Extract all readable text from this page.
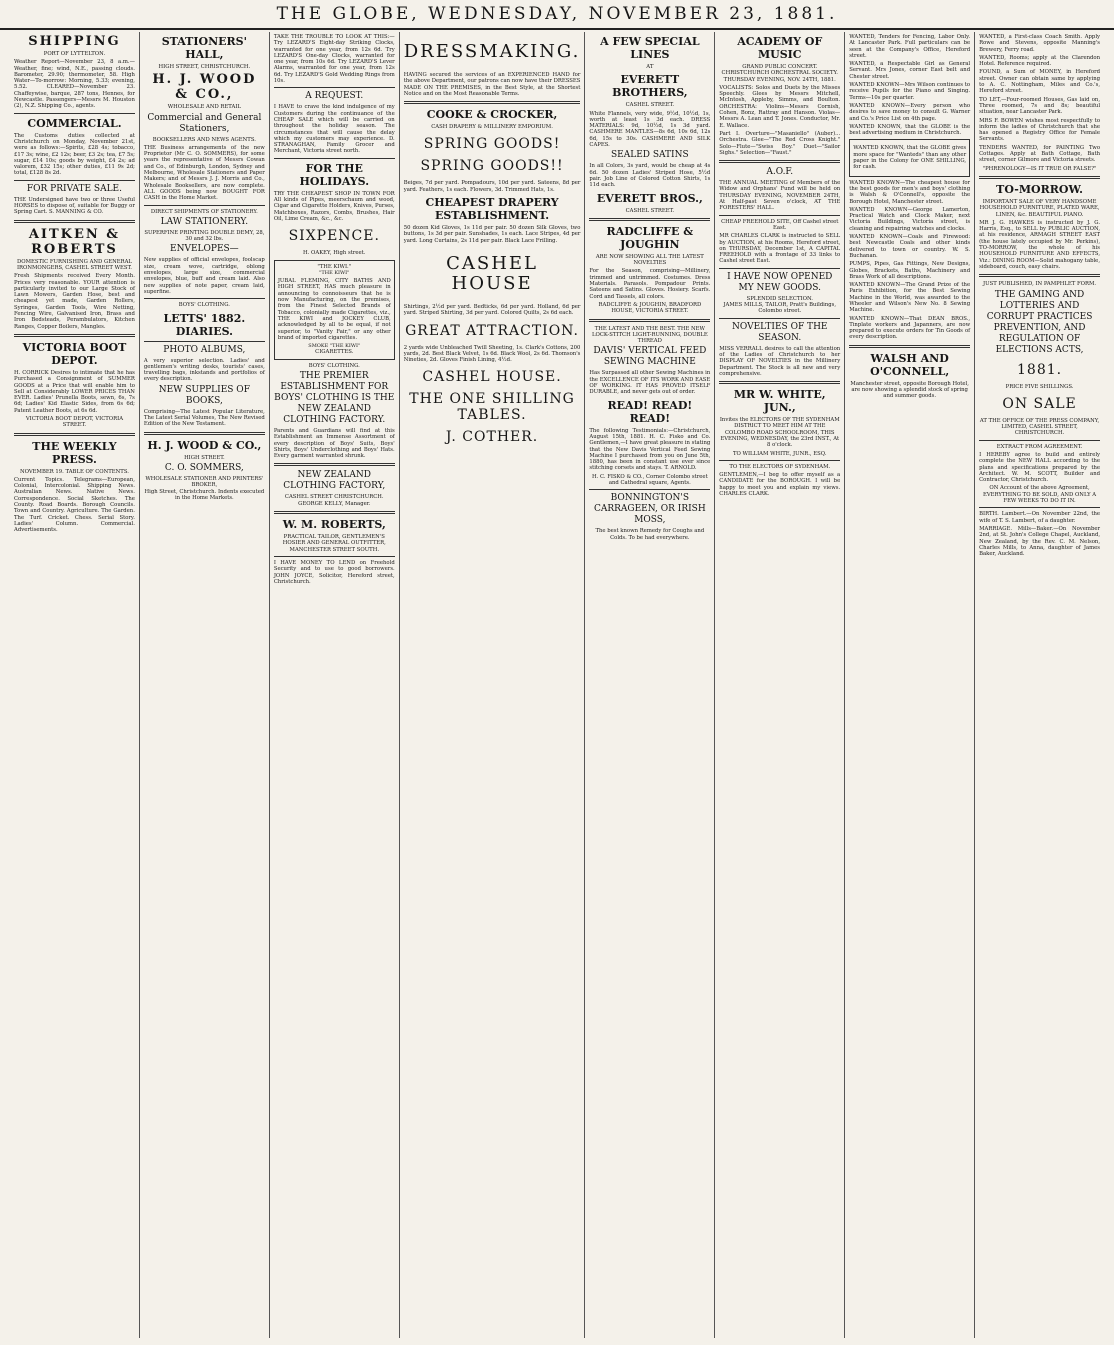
THE GLOBE, WEDNESDAY, NOVEMBER 23, 1881.
SHIPPING
PORT OF LYTTELTON.

Weather Report—November 23, 8 a.m.—Weather, fine; wind, N.E., passing clouds. Barometer, 29.90; thermometer, 58. High Water—To-morrow: Morning, 5.33; evening, 5.52. CLEARED—November 23. Chaffeywise, barque, 287 tons, Hennes, for Newcastle. Passengers—Messrs M. Houston (2), N.Z. Shipping Co., agents.

COMMERCIAL.

The Customs duties collected at Christchurch on Monday, November 21st, were as follows:—Spirits, £28 4s; tobacco, £17 3s; wine, £2 12s; beer, £3 2s; tea, £7 5s; sugar, £14 10s; goods by weight, £4 2s; ad valorem, £32 15s; other duties, £11 9s 2d; total, £128 8s 2d.

FOR PRIVATE SALE.

THE Undersigned have two or three Useful HORSES to dispose of, suitable for Buggy or Spring Cart. S. MANNING & CO.

AITKEN & ROBERTS
DOMESTIC FURNISHING AND GENERAL IRONMONGERS, CASHEL STREET WEST.

Fresh Shipments received Every Month. Prices very reasonable. YOUR attention is particularly invited to our Large Stock of Lawn Mowers, Garden Hose, best and cheapest yet made, Garden Rollers, Syringes, Garden Tools, Wire Netting, Fencing Wire, Galvanised Iron, Brass and Iron Bedsteads, Perambulators, Kitchen Ranges, Copper Boilers, Mangles.

VICTORIA BOOT DEPOT.

H. CORRICK Desires to intimate that he has Purchased a Consignment of SUMMER GOODS at a Price that will enable him to Sell at Considerably LOWER PRICES THAN EVER. Ladies' Prunella Boots, sewn, 6s, 7s 6d; Ladies' Kid Elastic Sides, from 6s 6d; Patent Leather Boots, at 6s 6d.

VICTORIA BOOT DEPOT, VICTORIA STREET.
THE WEEKLY PRESS.
NOVEMBER 19. TABLE OF CONTENTS.

Current Topics. Telegrams—European, Colonial, Intercolonial. Shipping News. Australian News. Native News. Correspondence. Social Sketches. The County. Road Boards. Borough Councils. Town and Country. Agriculture. The Garden. The Turf. Cricket. Chess. Serial Story. Ladies' Column. Commercial. Advertisements.

STATIONERS' HALL,
HIGH STREET, CHRISTCHURCH.
H. J. WOOD & CO.,
WHOLESALE AND RETAIL
Commercial and General Stationers,
BOOKSELLERS AND NEWS AGENTS.

THE Business arrangements of the new Proprietor (Mr C. O. SOMMERS), for some years the representative of Messrs Cowan and Co., of Edinburgh, London, Sydney and Melbourne, Wholesale Stationers and Paper Makers; and of Messrs J. J. Morris and Co., Wholesale Booksellers, are now complete. ALL GOODS being now BOUGHT FOR CASH in the Home Market.

DIRECT SHIPMENTS OF STATIONERY.
LAW STATIONERY.

SUPERFINE PRINTING DOUBLE DEMY, 28, 30 and 32 lbs.

ENVELOPES—

New supplies of official envelopes, foolscap size, cream wove, cartridge, oblong envelopes, large size, commercial envelopes, blue, buff and cream laid. Also new supplies of note paper, cream laid, superfine.

BOYS' CLOTHING.
LETTS' 1882. DIARIES.
PHOTO ALBUMS,

A very superior selection. Ladies' and gentlemen's writing desks, tourists' cases, travelling bags, inkstands and portfolios of every description.

NEW SUPPLIES OF BOOKS,

Comprising—The Latest Popular Literature, The Latest Serial Volumes, The New Revised Edition of the New Testament.

H. J. WOOD & CO.,
HIGH STREET.
C. O. SOMMERS,
WHOLESALE STATIONER AND PRINTERS' BROKER,
High Street, Christchurch. Indents executed in the Home Markets.

TAKE THE TROUBLE TO LOOK AT THIS:— Try LEZARD'S Eight-day Striking Clocks, warranted for one year, from 12s 6d. Try LEZARD'S One-day Clocks, warranted for one year, from 10s 6d. Try LEZARD'S Lever Alarms, warranted for one year, from 12s 6d. Try LEZARD'S Gold Wedding Rings from 10s.

A REQUEST.

I HAVE to crave the kind indulgence of my Customers during the continuance of the CHEAP SALE which will be carried on throughout the holiday season. The circumstances that will cause the delay which my customers may experience. D. STRANAGHAN, Family Grocer and Merchant, Victoria street north.

FOR THE HOLIDAYS.

TRY THE CHEAPEST SHOP IN TOWN FOR All kinds of Pipes, meerschaum and wood, Cigar and Cigarette Holders, Knives, Purses, Matchboxes, Razors, Combs, Brushes, Hair Oil, Lime Cream, &c., &c.

SIXPENCE.
H. OAKEY, High street.
"THE KIWI."
"THE KIWI"

JUBAL FLEMING, CITY BATHS AND HIGH STREET, HAS much pleasure in announcing to connoisseurs that he is now Manufacturing, on the premises, from the Finest Selected Brands of Tobacco, colonially made Cigarettes, viz., THE KIWI and JOCKEY CLUB, acknowledged by all to be equal, if not superior, to "Vanity Fair," or any other brand of imported cigarettes.

SMOKE "THE KIWI"
CIGARETTES.
BOYS' CLOTHING.
THE PREMIER ESTABLISHMENT FOR BOYS' CLOTHING IS THE NEW ZEALAND CLOTHING FACTORY.

Parents and Guardians will find at this Establishment an Immense Assortment of every description of Boys' Suits, Boys' Shirts, Boys' Underclothing and Boys' Hats. Every garment warranted shrunk.

NEW ZEALAND CLOTHING FACTORY,
CASHEL STREET CHRISTCHURCH.
GEORGE KELLY, Manager.
W. M. ROBERTS,
PRACTICAL TAILOR, GENTLEMEN'S HOSIER AND GENERAL OUTFITTER, MANCHESTER STREET SOUTH.

I HAVE MONEY TO LEND on Freehold Security and to use to good borrowers. JOHN JOYCE, Solicitor, Hereford street, Christchurch.

DRESSMAKING.

HAVING secured the services of an EXPERIENCED HAND for the above Department, our patrons can now have their DRESSES MADE ON THE PREMISES, in the Best Style, at the Shortest Notice and on the Most Reasonable Terms.

COOKE & CROCKER,
CASH DRAPERY & MILLINERY EMPORIUM.
SPRING GOODS!
SPRING GOODS!!

Beiges, 7d per yard. Pompadours, 10d per yard. Sateens, 8d per yard. Feathers, 1s each. Flowers, 3d. Trimmed Hats, 1s.

CHEAPEST DRAPERY ESTABLISHMENT.

50 dozen Kid Gloves, 1s 11d per pair. 50 dozen Silk Gloves, two buttons, 1s 3d per pair. Sunshades, 1s each. Lace Stripes, 4d per yard. Long Curtains, 2s 11d per pair. Black Lace Frilling.

CASHEL HOUSE

Shirtings, 2½d per yard. Bedticks, 6d per yard. Holland, 6d per yard. Striped Shirting, 3d per yard. Colored Quilts, 2s 6d each.

GREAT ATTRACTION.

2 yards wide Unbleached Twill Sheeting, 1s. Clark's Cottons, 200 yards, 2d. Best Black Velvet, 1s 6d. Black Wool, 2s 6d. Thomson's Nineties, 2d. Gloves Finish Lining, 4½d.

CASHEL HOUSE.
THE ONE SHILLING TABLES.
J. COTHER.
A FEW SPECIAL LINES
AT
EVERETT BROTHERS,
CASHEL STREET.

White Flannels, very wide, 9½d, 10½d, 1s, worth at least 1s 3d each. DRESS MATERIALS: 9d, 10½d, 1s 3d yard. CASHMERE MANTLES—8s 6d, 10s 6d, 12s 6d, 15s to 30s. CASHMERE AND SILK CAPES.

SEALED SATINS

In all Colors, 3s yard, would be cheap at 4s 6d. 50 dozen Ladies' Striped Hose, 5½d pair. Job Line of Colored Cotton Shirts, 1s 11d each.

EVERETT BROS.,
CASHEL STREET.
RADCLIFFE & JOUGHIN
ARE NOW SHOWING ALL THE LATEST NOVELTIES

For the Season, comprising—Millinery, trimmed and untrimmed. Costumes. Dress Materials. Parasols. Pompadour Prints. Sateens and Satins. Gloves. Hosiery. Scarfs. Cord and Tassels, all colors.

RADCLIFFE & JOUGHIN, BRADFORD HOUSE, VICTORIA STREET.
THE LATEST AND THE BEST. THE NEW LOCK-STITCH LIGHT-RUNNING, DOUBLE THREAD
DAVIS' VERTICAL FEED SEWING MACHINE

Has Surpassed all other Sewing Machines in the EXCELLENCE OF ITS WORK AND EASE OF WORKING. IT HAS PROVED ITSELF DURABLE, and never gets out of order.

READ! READ! READ!

The following Testimonials:—Christchurch, August 15th, 1881. H. C. Fisko and Co. Gentlemen,—I have great pleasure in stating that the New Davis Vertical Feed Sewing Machine I purchased from you on June 5th, 1880, has been in constant use ever since stitching corsets and stays. T. ARNOLD.

H. C. FISKO & CO., Corner Colombo street and Cathedral square, Agents.
BONNINGTON'S CARRAGEEN, OR IRISH MOSS,

The best known Remedy for Coughs and Colds. To be had everywhere.

ACADEMY OF MUSIC
GRAND PUBLIC CONCERT. CHRISTCHURCH ORCHESTRAL SOCIETY. THURSDAY EVENING, NOV. 24TH, 1881.

VOCALISTS: Solos and Duets by the Misses Speechly. Glees by Messrs Mitchell, McIntosh, Appleby, Simms, and Boulton. ORCHESTRA: Violins—Messrs Cornish, Cohen, Bonz, Rattray and Hanson. Violas—Messrs A. Lean and T. Jones. Conductor, Mr. E. Wallace.

Part I. Overture—"Masaniello" (Auber)... Orchestra. Glee—"The Red Cross Knight." Solo—Flute—"Swiss Boy." Duet—"Sailor Sighs." Selection—"Faust."

A.O.F.

THE ANNUAL MEETING of Members of the Widow and Orphans' Fund will be held on THURSDAY EVENING, NOVEMBER 24TH, At Half-past Seven o'clock, AT THE FORESTERS' HALL.

CHEAP FREEHOLD SITE, Off Cashel street East.

MR CHARLES CLARK is instructed to SELL by AUCTION, at his Rooms, Hereford street, on THURSDAY, December 1st, A CAPITAL FREEHOLD with a frontage of 33 links to Cashel street East.

I HAVE NOW OPENED MY NEW GOODS.
SPLENDID SELECTION.
JAMES MILLS, TAILOR, Pratt's Buildings, Colombo street.
NOVELTIES OF THE SEASON.

MISS VERRALL desires to call the attention of the Ladies of Christchurch to her DISPLAY OF NOVELTIES in the Millinery Department. The Stock is all new and very comprehensive.

MR W. WHITE, JUN.,

Invites the ELECTORS OF THE SYDENHAM DISTRICT TO MEET HIM AT THE COLOMBO ROAD SCHOOLROOM, THIS EVENING, WEDNESDAY, the 23rd INST., At 8 o'clock.

TO WILLIAM WHITE, JUNR., ESQ.
TO THE ELECTORS OF SYDENHAM.

GENTLEMEN,—I beg to offer myself as a CANDIDATE for the BOROUGH. I will be happy to meet you and explain my views. CHARLES CLARK.

WANTED, Tenders for Fencing, Labor Only. At Lancaster Park. Full particulars can be seen at the Company's Office, Hereford street.

WANTED, a Respectable Girl as General Servant. Mrs Jones, corner East belt and Chester street.

WANTED KNOWN—Mrs Wilson continues to receive Pupils for the Piano and Singing. Terms—10s per quarter.

WANTED KNOWN—Every person who desires to save money to consult G. Warner and Co.'s Price List on 4th page.

WANTED KNOWN, that the GLOBE is the best advertising medium in Christchurch.

WANTED KNOWN, that the GLOBE gives more space for "Wanteds" than any other paper in the Colony for ONE SHILLING, for cash.

WANTED KNOWN—The cheapest house for the best goods for men's and boys' clothing is Walsh & O'Connell's, opposite the Borough Hotel, Manchester street.

WANTED KNOWN—George Lamerton, Practical Watch and Clock Maker, next Victoria Buildings, Victoria street, is cleaning and repairing watches and clocks.

WANTED KNOWN—Coals and Firewood: best Newcastle Coals and other kinds delivered to town or country. W. S. Buchanan.

PUMPS, Pipes, Gas Fittings, New Designs, Globes, Brackets, Baths, Machinery and Brass Work of all descriptions.

WANTED KNOWN—The Grand Prize of the Paris Exhibition, for the Best Sewing Machine in the World, was awarded to the Wheeler and Wilson's New No. 8 Sewing Machine.

WANTED KNOWN—That DEAN BROS., Tinplate workers and Japanners, are now prepared to execute orders for Tin Goods of every description.

WALSH AND O'CONNELL,

Manchester street, opposite Borough Hotel, are now showing a splendid stock of spring and summer goods.

WANTED, a First-class Coach Smith. Apply Rowe and Stevens, opposite Manning's Brewery, Ferry road.

WANTED, Rooms; apply at the Clarendon Hotel. Reference required.

FOUND, a Sum of MONEY, in Hereford street. Owner can obtain same by applying to A. C. Nottingham, Miles and Co.'s, Hereford street.

TO LET,—Four-roomed Houses, Gas laid on, Three roomed, 7s and 8s; beautiful situation, near Lancaster Park.

MRS F. BOWEN wishes most respectfully to inform the ladies of Christchurch that she has opened a Registry Office for Female Servants.

TENDERS WANTED, for PAINTING Two Cottages. Apply at Bath Cottage, Bath street, corner Gilmore and Victoria streets.

"PHRENOLOGY—IS IT TRUE OR FALSE?"
TO-MORROW.
IMPORTANT SALE OF VERY HANDSOME HOUSEHOLD FURNITURE, PLATED WARE, LINEN, &c. BEAUTIFUL PIANO.

MR J. G. HAWKES is instructed by J. G. Harris, Esq., to SELL by PUBLIC AUCTION, at his residence, ARMAGH STREET EAST (the house lately occupied by Mr. Perkins), TO-MORROW, the whole of his HOUSEHOLD FURNITURE AND EFFECTS, Viz.: DINING ROOM—Solid mahogany table, sideboard, couch, easy chairs.

JUST PUBLISHED, IN PAMPHLET FORM.
THE GAMING AND LOTTERIES AND CORRUPT PRACTICES PREVENTION, AND REGULATION OF ELECTIONS ACTS,
1881.
PRICE FIVE SHILLINGS.
ON SALE
AT THE OFFICE OF THE PRESS COMPANY, LIMITED, CASHEL STREET, CHRISTCHURCH.
EXTRACT FROM AGREEMENT.

I HEREBY agree to build and entirely complete the NEW HALL according to the plans and specifications prepared by the Architect. W. M. SCOTT, Builder and Contractor, Christchurch.

ON Account of the above Agreement, EVERYTHING TO BE SOLD, AND ONLY A FEW WEEKS TO DO IT IN.

BIRTH. Lambert.—On November 22nd, the wife of T. S. Lambert, of a daughter.

MARRIAGE. Mills—Baker.—On November 2nd, at St. John's College Chapel, Auckland, New Zealand, by the Rev. C. M. Nelson, Charles Mills, to Anna, daughter of James Baker, Auckland.
